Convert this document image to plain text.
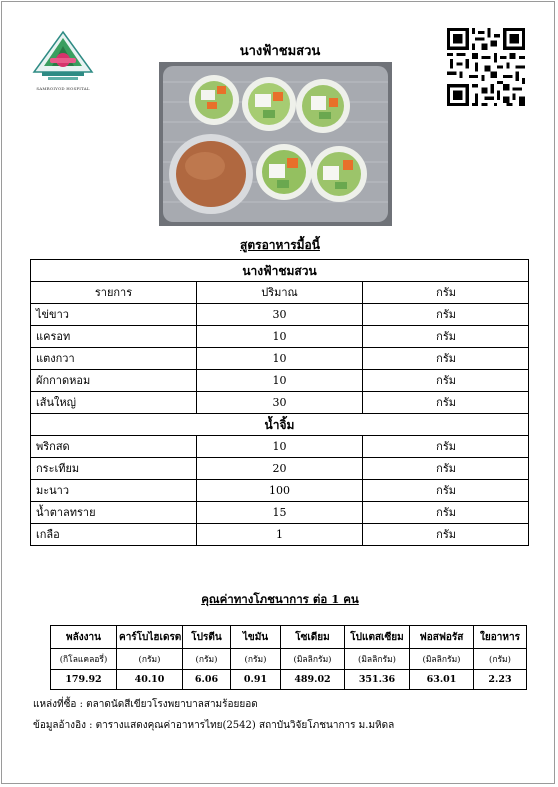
SAMROIYOD HOSPITAL
นางฟ้าชมสวน
สูตรอาหารมื้อนี้
นางฟ้าชมสวน		
รายการ	ปริมาณ	กรัม
ไข่ขาว	30	กรัม
แครอท	10	กรัม
แตงกวา	10	กรัม
ผักกาดหอม	10	กรัม
เส้นใหญ่	30	กรัม
น้ำจิ้ม		
พริกสด	10	กรัม
กระเทียม	20	กรัม
มะนาว	100	กรัม
น้ำตาลทราย	15	กรัม
เกลือ	1	กรัม
คุณค่าทางโภชนาการ ต่อ 1 คน
พลังงาน	คาร์โบไฮเดรต	โปรตีน	ไขมัน	โซเดียม	โปแตสเซียม	ฟอสฟอรัส	ใยอาหาร
(กิโลแคลอรี่)	(กรัม)	(กรัม)	(กรัม)	(มิลลิกรัม)	(มิลลิกรัม)	(มิลลิกรัม)	(กรัม)
179.92	40.10	6.06	0.91	489.02	351.36	63.01	2.23
แหล่งที่ซื้อ : ตลาดนัดสีเขียวโรงพยาบาลสามร้อยยอด
ข้อมูลอ้างอิง : ตารางแสดงคุณค่าอาหารไทย(2542) สถาบันวิจัยโภชนาการ ม.มหิดล
